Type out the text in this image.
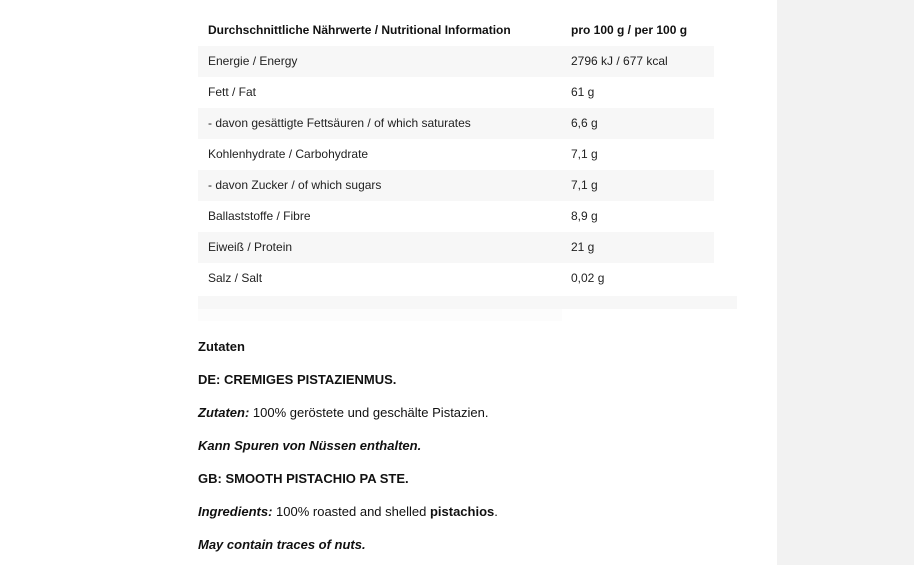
Durchschnittliche Nährwerte / Nutritional Information	pro 100 g / per 100 g
Energie / Energy	2796 kJ / 677 kcal
Fett / Fat	61 g
- davon gesättigte Fettsäuren / of which saturates	6,6 g
Kohlenhydrate / Carbohydrate	7,1 g
- davon Zucker / of which sugars	7,1 g
Ballaststoffe / Fibre	8,9 g
Eiweiß / Protein	21 g
Salz / Salt	0,02 g

Zutaten

DE: CREMIGES PISTAZIENMUS.

Zutaten: 100% geröstete und geschälte Pistazien.

Kann Spuren von Nüssen enthalten.

GB: SMOOTH PISTACHIO PA STE.

Ingredients: 100% roasted and shelled pistachios.

May contain traces of nuts.
